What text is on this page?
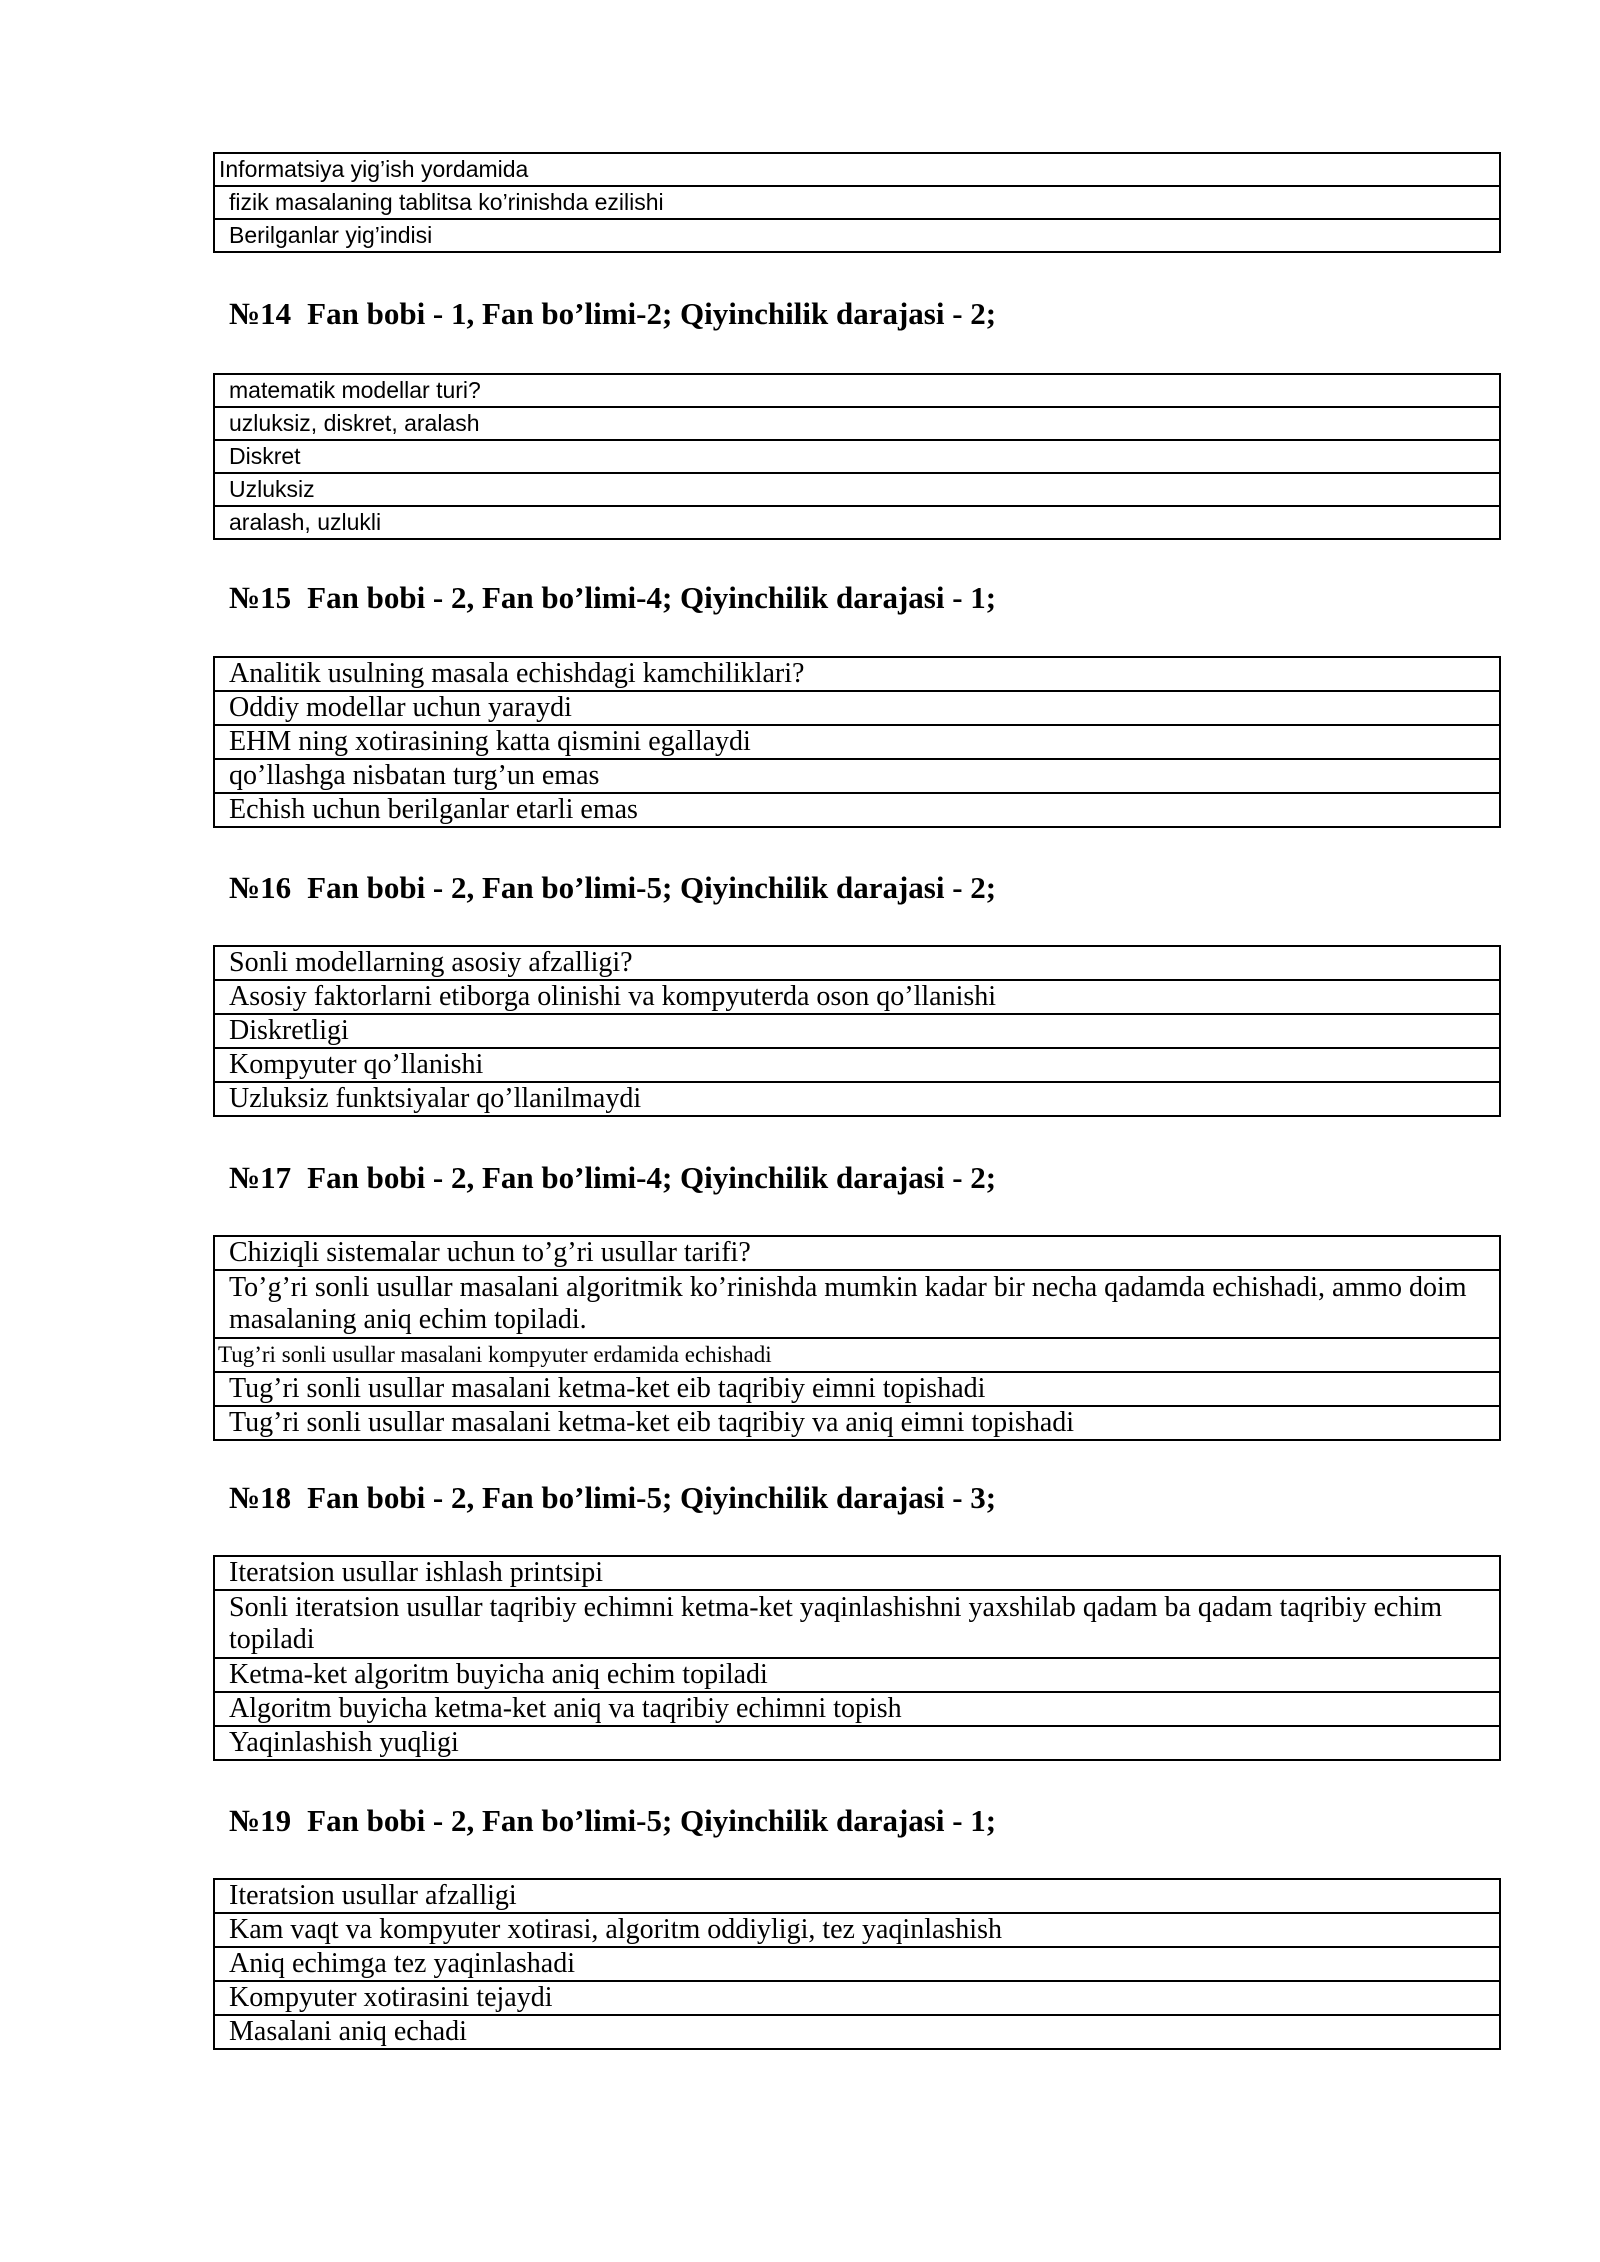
Informatsiya yig’ish yordamida
fizik masalaning tablitsa ko’rinishda ezilishi
Berilganlar yig’indisi
№14 Fan bobi - 1, Fan bo’limi-2; Qiyinchilik darajasi - 2;
matematik modellar turi?
uzluksiz, diskret, aralash
Diskret
Uzluksiz
aralash, uzlukli
№15 Fan bobi - 2, Fan bo’limi-4; Qiyinchilik darajasi - 1;
Analitik usulning masala echishdagi kamchiliklari?
Oddiy modellar uchun yaraydi
EHM ning xotirasining katta qismini egallaydi
qo’llashga nisbatan turg’un emas
Echish uchun berilganlar etarli emas
№16 Fan bobi - 2, Fan bo’limi-5; Qiyinchilik darajasi - 2;
Sonli modellarning asosiy afzalligi?
Asosiy faktorlarni etiborga olinishi va kompyuterda oson qo’llanishi
Diskretligi
Kompyuter qo’llanishi
Uzluksiz funktsiyalar qo’llanilmaydi
№17 Fan bobi - 2, Fan bo’limi-4; Qiyinchilik darajasi - 2;
Chiziqli sistemalar uchun to’g’ri usullar tarifi?
To’g’ri sonli usullar masalani algoritmik ko’rinishda mumkin kadar bir necha qadamda echishadi, ammo doim masalaning aniq echim topiladi.
Tug’ri sonli usullar masalani kompyuter erdamida echishadi
Tug’ri sonli usullar masalani ketma-ket eib taqribiy eimni topishadi
Tug’ri sonli usullar masalani ketma-ket eib taqribiy va aniq eimni topishadi
№18 Fan bobi - 2, Fan bo’limi-5; Qiyinchilik darajasi - 3;
Iteratsion usullar ishlash printsipi
Sonli iteratsion usullar taqribiy echimni ketma-ket yaqinlashishni yaxshilab qadam ba qadam taqribiy echim topiladi
Ketma-ket algoritm buyicha aniq echim topiladi
Algoritm buyicha ketma-ket aniq va taqribiy echimni topish
Yaqinlashish yuqligi
№19 Fan bobi - 2, Fan bo’limi-5; Qiyinchilik darajasi - 1;
Iteratsion usullar afzalligi
Kam vaqt va kompyuter xotirasi, algoritm oddiyligi, tez yaqinlashish
Aniq echimga tez yaqinlashadi
Kompyuter xotirasini tejaydi
Masalani aniq echadi
